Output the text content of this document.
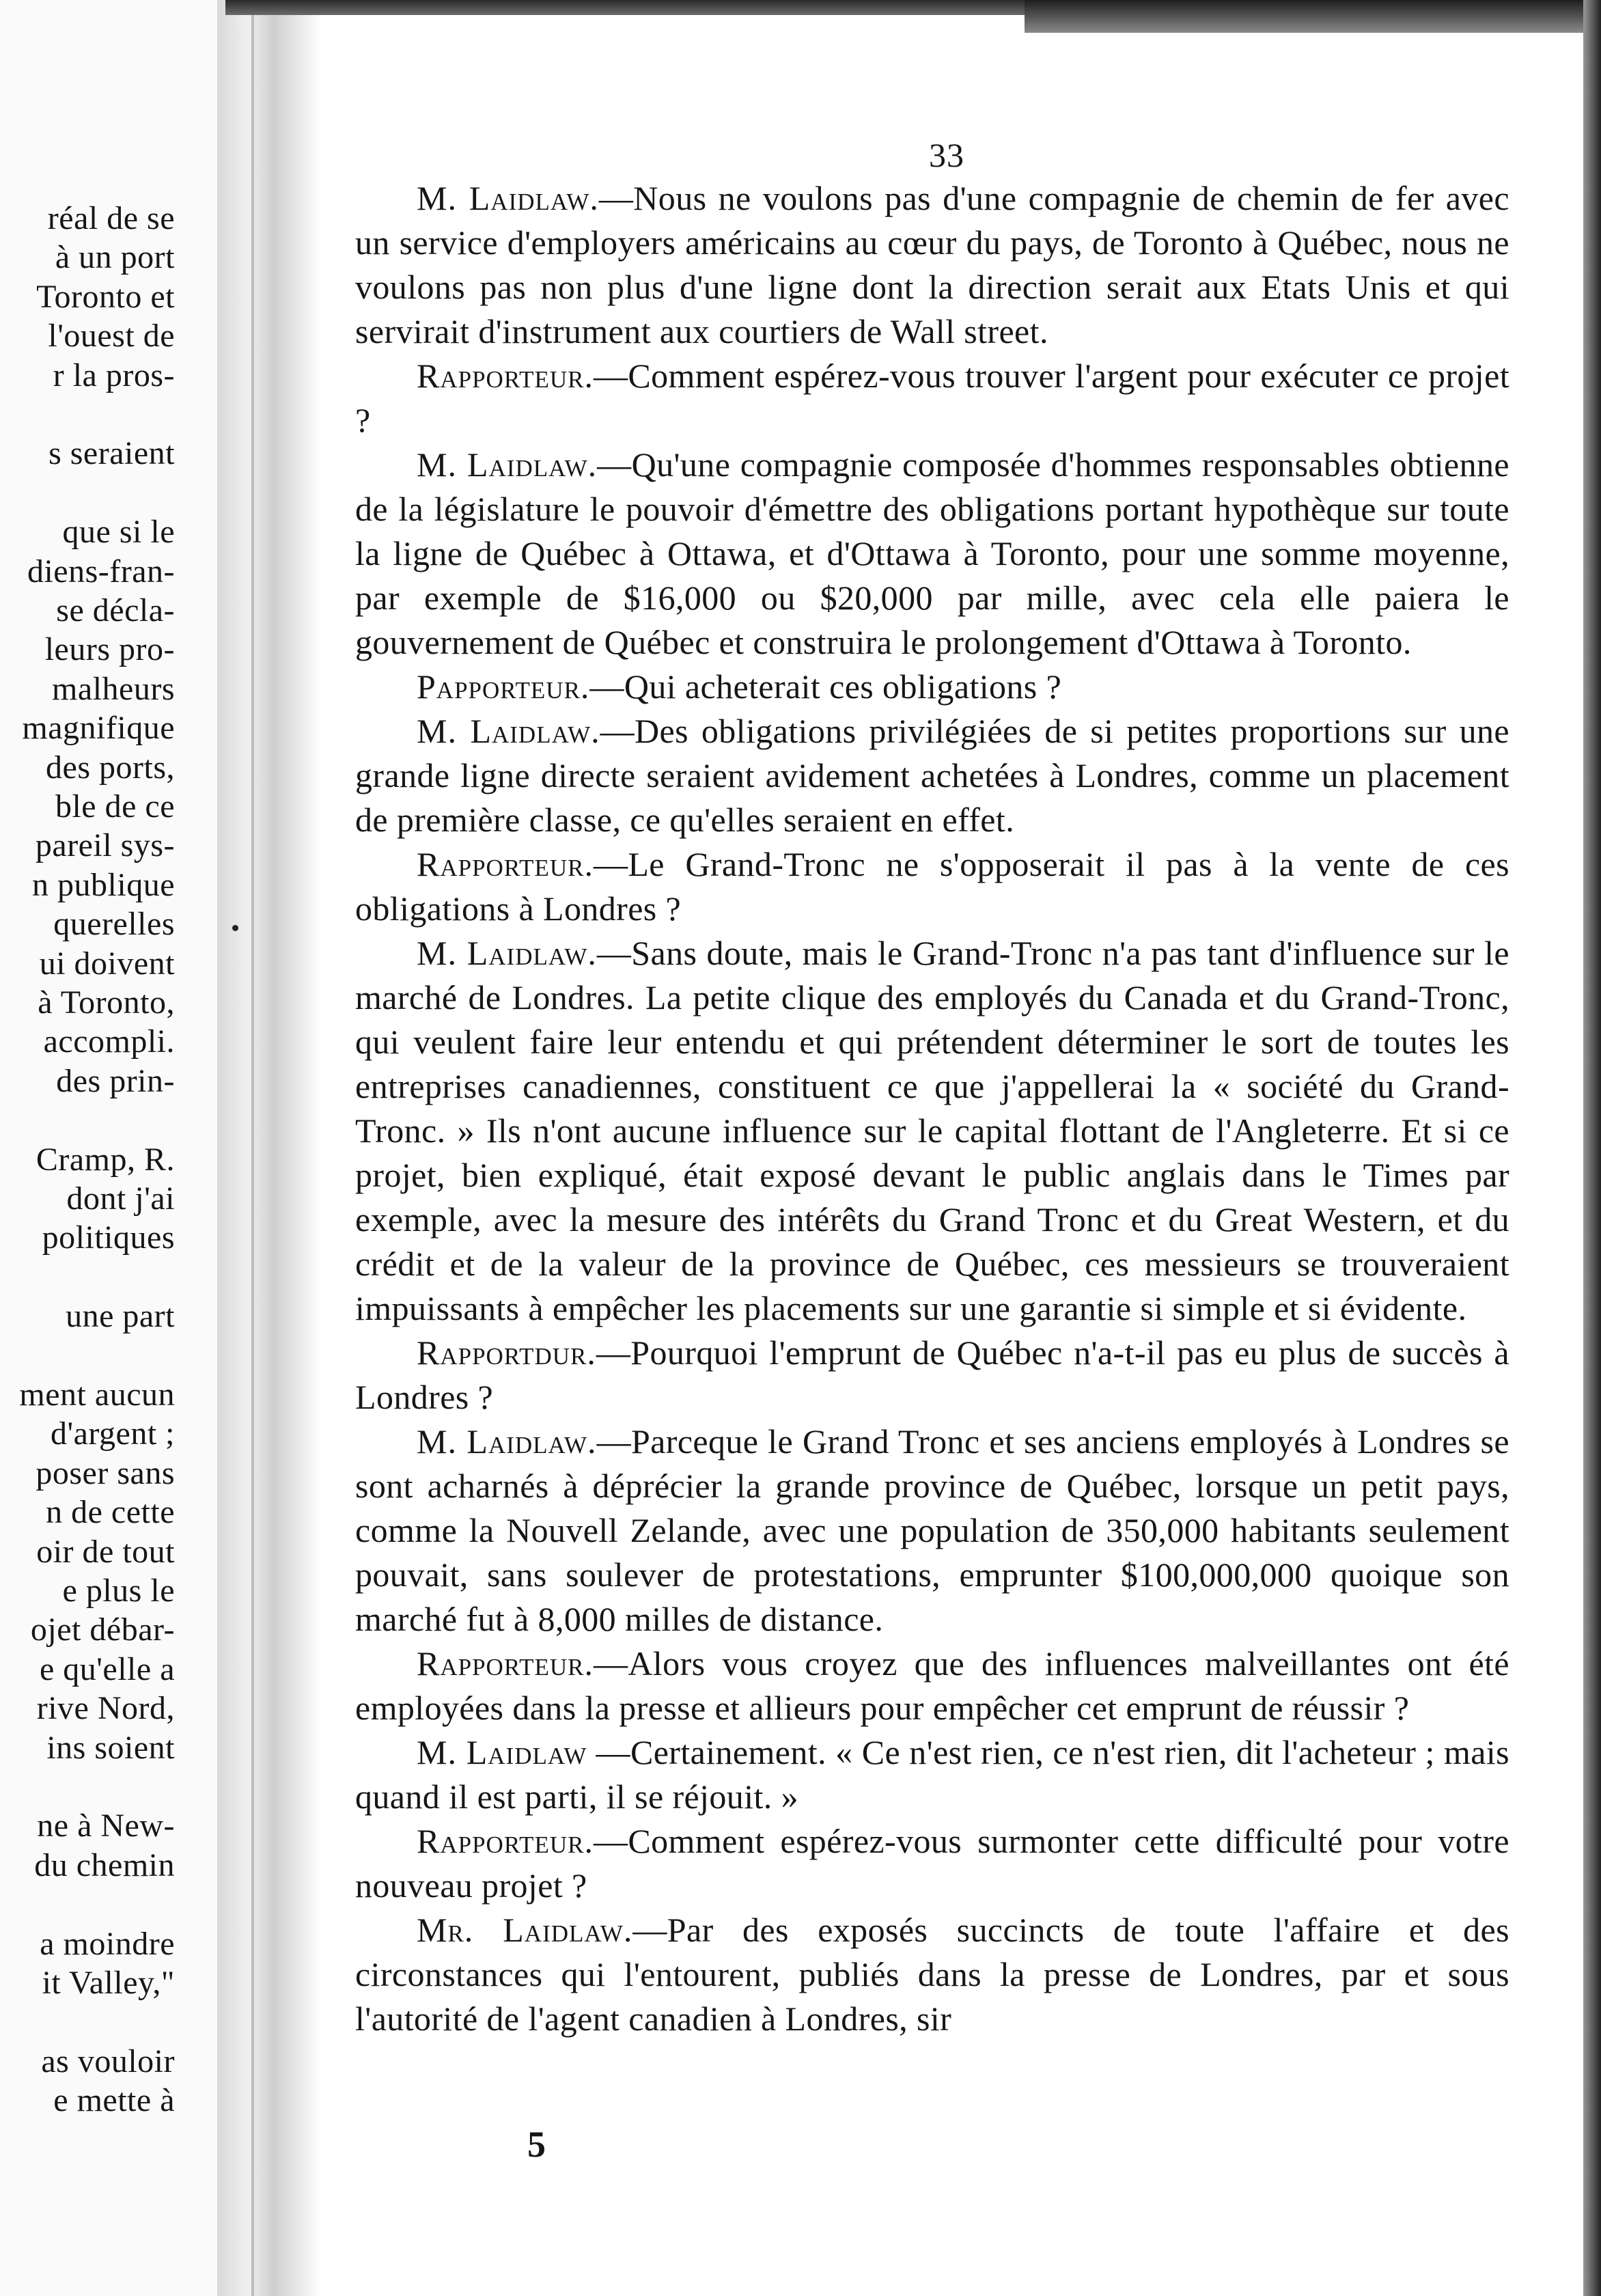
réal de se
à un port
Toronto et
l'ouest de
r la pros-
s seraient
que si le
diens-fran-
se décla-
leurs pro-
malheurs
magnifique
des ports,
ble de ce
pareil sys-
n publique
querelles
ui doivent
à Toronto,
accompli.
des prin-
Cramp, R.
dont j'ai
politiques
une part
ment aucun
d'argent ;
poser sans
n de cette
oir de tout
e plus le
ojet débar-
e qu'elle a
rive Nord,
ins soient
ne à New-
du chemin
a moindre
it Valley,"
as vouloir
e mette à
33

M. Laidlaw.—Nous ne voulons pas d'une compagnie de chemin de fer avec un service d'employers américains au cœur du pays, de Toronto à Québec, nous ne voulons pas non plus d'une ligne dont la direction serait aux Etats Unis et qui servirait d'instrument aux courtiers de Wall street.

Rapporteur.—Comment espérez-vous trouver l'argent pour exécuter ce projet ?

M. Laidlaw.—Qu'une compagnie composée d'hommes responsables obtienne de la législature le pouvoir d'émettre des obligations portant hypothèque sur toute la ligne de Québec à Ottawa, et d'Ottawa à Toronto, pour une somme moyenne, par exemple de $16,000 ou $20,000 par mille, avec cela elle paiera le gouvernement de Québec et construira le prolongement d'Ottawa à Toronto.

Papporteur.—Qui acheterait ces obligations ?

M. Laidlaw.—Des obligations privilégiées de si petites proportions sur une grande ligne directe seraient avidement achetées à Londres, comme un placement de première classe, ce qu'elles seraient en effet.

Rapporteur.—Le Grand-Tronc ne s'opposerait il pas à la vente de ces obligations à Londres ?

M. Laidlaw.—Sans doute, mais le Grand-Tronc n'a pas tant d'influence sur le marché de Londres. La petite clique des employés du Canada et du Grand-Tronc, qui veulent faire leur entendu et qui prétendent déterminer le sort de toutes les entreprises canadiennes, constituent ce que j'appellerai la « société du Grand-Tronc. » Ils n'ont aucune influence sur le capital flottant de l'Angleterre. Et si ce projet, bien expliqué, était exposé devant le public anglais dans le Times par exemple, avec la mesure des intérêts du Grand Tronc et du Great Western, et du crédit et de la valeur de la province de Québec, ces messieurs se trouveraient impuissants à empêcher les placements sur une garantie si simple et si évidente.

Rapportdur.—Pourquoi l'emprunt de Québec n'a-t-il pas eu plus de succès à Londres ?

M. Laidlaw.—Parceque le Grand Tronc et ses anciens employés à Londres se sont acharnés à déprécier la grande province de Québec, lorsque un petit pays, comme la Nouvell Zelande, avec une population de 350,000 habitants seulement pouvait, sans soulever de protestations, emprunter $100,000,000 quoique son marché fut à 8,000 milles de distance.

Rapporteur.—Alors vous croyez que des influences malveillantes ont été employées dans la presse et allieurs pour empêcher cet emprunt de réussir ?

M. Laidlaw —Certainement. « Ce n'est rien, ce n'est rien, dit l'acheteur ; mais quand il est parti, il se réjouit. »

Rapporteur.—Comment espérez-vous surmonter cette difficulté pour votre nouveau projet ?

Mr. Laidlaw.—Par des exposés succincts de toute l'affaire et des circonstances qui l'entourent, publiés dans la presse de Londres, par et sous l'autorité de l'agent canadien à Londres, sir

5
